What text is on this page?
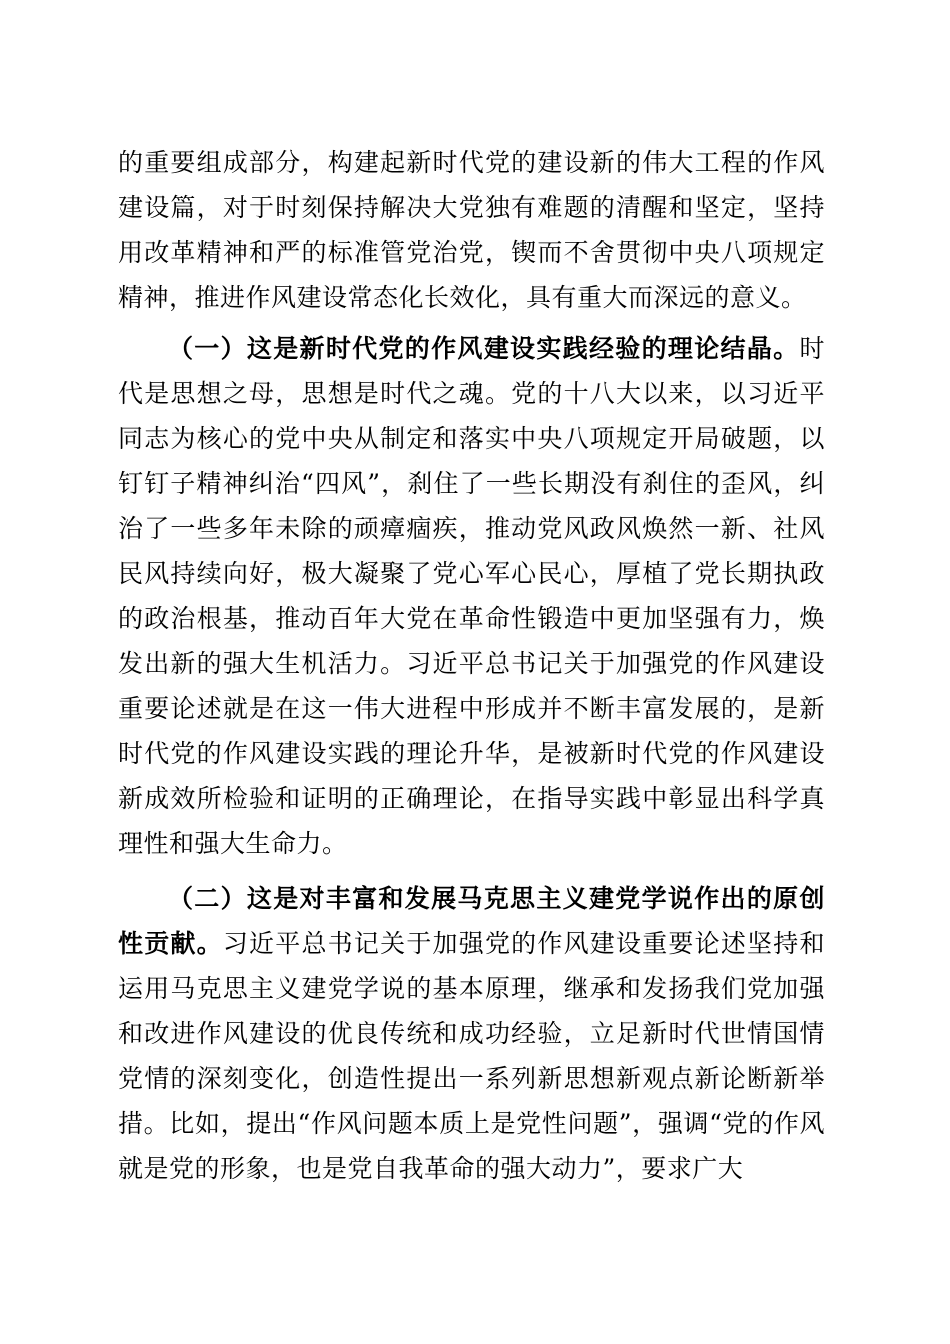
的重要组成部分，构建起新时代党的建设新的伟大工程的作风建设篇，对于时刻保持解决大党独有难题的清醒和坚定，坚持用改革精神和严的标准管党治党，锲而不舍贯彻中央八项规定精神，推进作风建设常态化长效化，具有重大而深远的意义。

（一）这是新时代党的作风建设实践经验的理论结晶。时代是思想之母，思想是时代之魂。党的十八大以来，以习近平同志为核心的党中央从制定和落实中央八项规定开局破题，以钉钉子精神纠治“四风”，刹住了一些长期没有刹住的歪风，纠治了一些多年未除的顽瘴痼疾，推动党风政风焕然一新、社风民风持续向好，极大凝聚了党心军心民心，厚植了党长期执政的政治根基，推动百年大党在革命性锻造中更加坚强有力，焕发出新的强大生机活力。习近平总书记关于加强党的作风建设重要论述就是在这一伟大进程中形成并不断丰富发展的，是新时代党的作风建设实践的理论升华，是被新时代党的作风建设新成效所检验和证明的正确理论，在指导实践中彰显出科学真理性和强大生命力。

（二）这是对丰富和发展马克思主义建党学说作出的原创性贡献。习近平总书记关于加强党的作风建设重要论述坚持和运用马克思主义建党学说的基本原理，继承和发扬我们党加强和改进作风建设的优良传统和成功经验，立足新时代世情国情党情的深刻变化，创造性提出一系列新思想新观点新论断新举措。比如，提出“作风问题本质上是党性问题”，强调“党的作风就是党的形象，也是党自我革命的强大动力”，要求广大
